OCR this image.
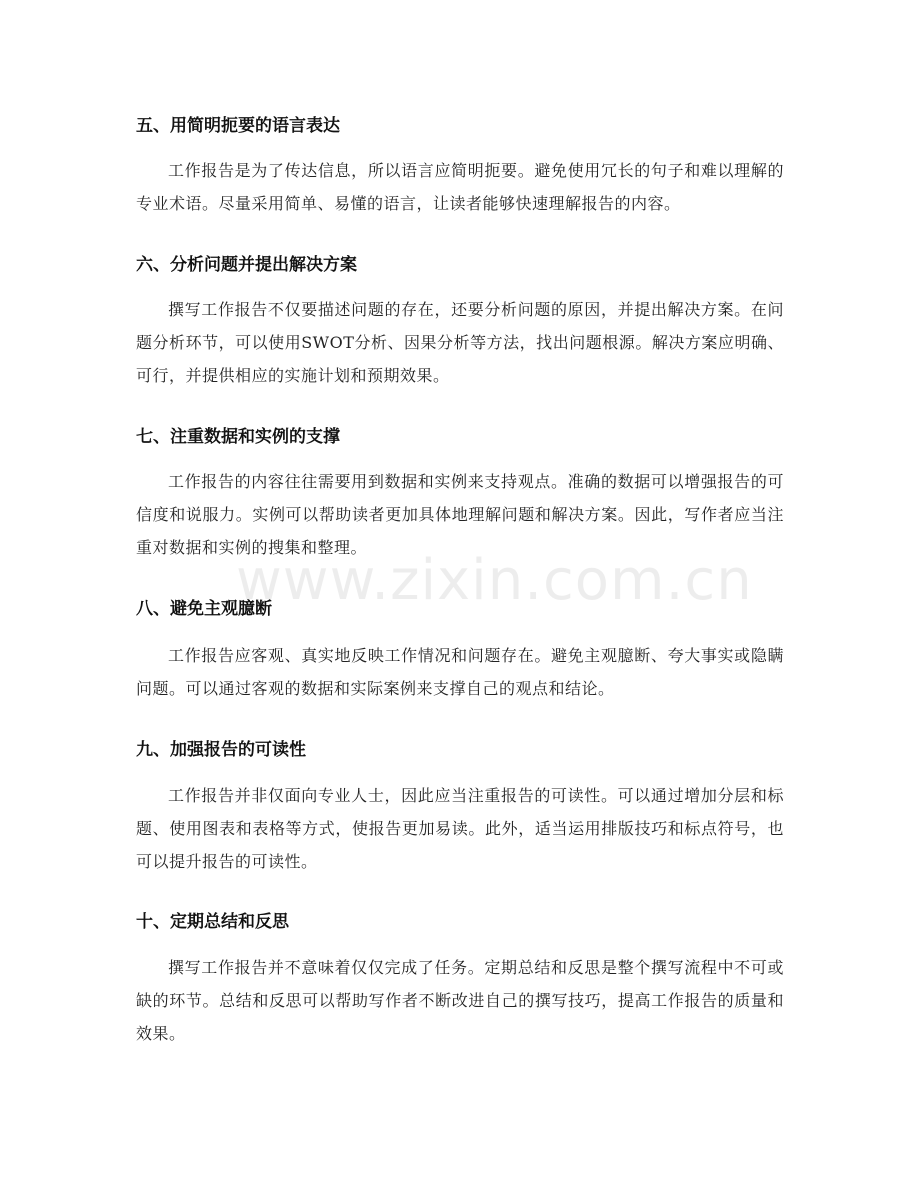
www.zixin.com.cn
五、用简明扼要的语言表达

工作报告是为了传达信息，所以语言应简明扼要。避免使用冗长的句子和难以理解的专业术语。尽量采用简单、易懂的语言，让读者能够快速理解报告的内容。

六、分析问题并提出解决方案

撰写工作报告不仅要描述问题的存在，还要分析问题的原因，并提出解决方案。在问题分析环节，可以使用SWOT分析、因果分析等方法，找出问题根源。解决方案应明确、可行，并提供相应的实施计划和预期效果。

七、注重数据和实例的支撑

工作报告的内容往往需要用到数据和实例来支持观点。准确的数据可以增强报告的可信度和说服力。实例可以帮助读者更加具体地理解问题和解决方案。因此，写作者应当注重对数据和实例的搜集和整理。

八、避免主观臆断

工作报告应客观、真实地反映工作情况和问题存在。避免主观臆断、夸大事实或隐瞒问题。可以通过客观的数据和实际案例来支撑自己的观点和结论。

九、加强报告的可读性

工作报告并非仅面向专业人士，因此应当注重报告的可读性。可以通过增加分层和标题、使用图表和表格等方式，使报告更加易读。此外，适当运用排版技巧和标点符号，也可以提升报告的可读性。

十、定期总结和反思

撰写工作报告并不意味着仅仅完成了任务。定期总结和反思是整个撰写流程中不可或缺的环节。总结和反思可以帮助写作者不断改进自己的撰写技巧，提高工作报告的质量和效果。
